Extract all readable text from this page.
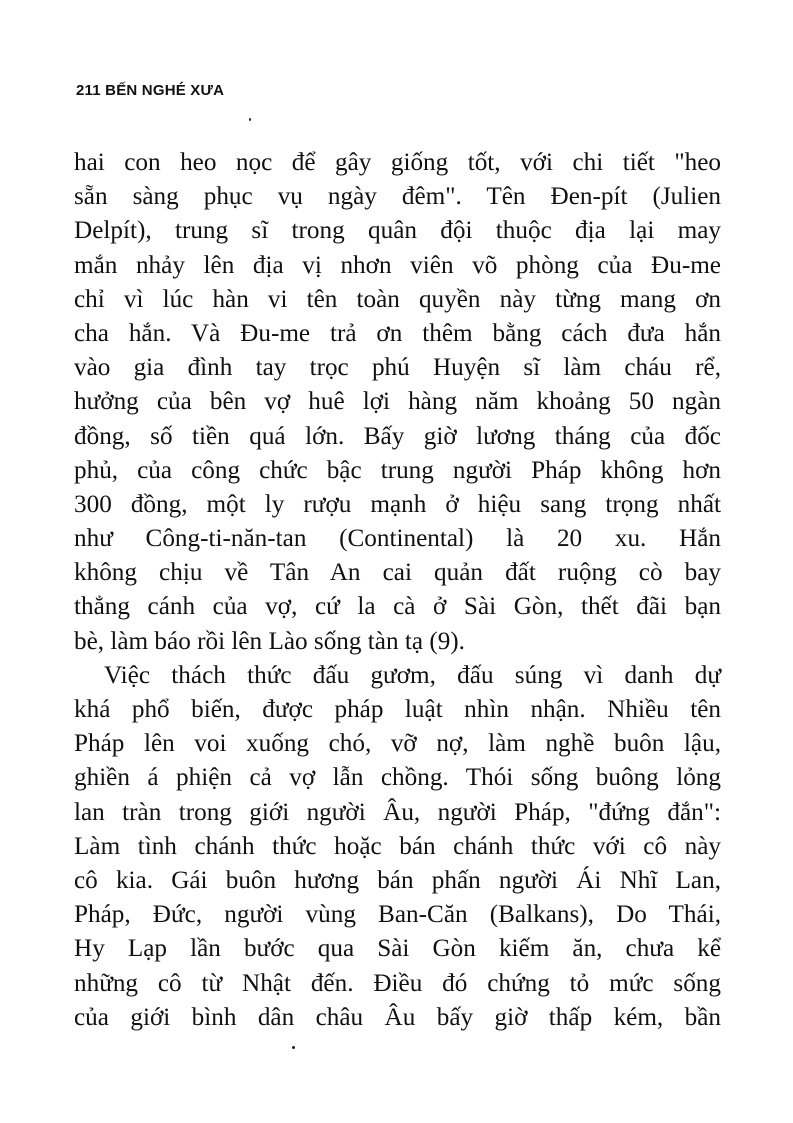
211 BẾN NGHÉ XƯA
hai con heo nọc để gây giống tốt, với chi tiết "heo
sẵn sàng phục vụ ngày đêm". Tên Đen-pít (Julien
Delpít), trung sĩ trong quân đội thuộc địa lại may
mắn nhảy lên địa vị nhơn viên võ phòng của Đu-me
chỉ vì lúc hàn vi tên toàn quyền này từng mang ơn
cha hắn. Và Đu-me trả ơn thêm bằng cách đưa hắn
vào gia đình tay trọc phú Huyện sĩ làm cháu rể,
hưởng của bên vợ huê lợi hàng năm khoảng 50 ngàn
đồng, số tiền quá lớn. Bấy giờ lương tháng của đốc
phủ, của công chức bậc trung người Pháp không hơn
300 đồng, một ly rượu mạnh ở hiệu sang trọng nhất
như Công-ti-năn-tan (Continental) là 20 xu. Hắn
không chịu về Tân An cai quản đất ruộng cò bay
thẳng cánh của vợ, cứ la cà ở Sài Gòn, thết đãi bạn
bè, làm báo rồi lên Lào sống tàn tạ (9).
Việc thách thức đấu gươm, đấu súng vì danh dự
khá phổ biến, được pháp luật nhìn nhận. Nhiều tên
Pháp lên voi xuống chó, vỡ nợ, làm nghề buôn lậu,
ghiền á phiện cả vợ lẫn chồng. Thói sống buông lỏng
lan tràn trong giới người Âu, người Pháp, "đứng đắn":
Làm tình chánh thức hoặc bán chánh thức với cô này
cô kia. Gái buôn hương bán phấn người Ái Nhĩ Lan,
Pháp, Đức, người vùng Ban-Căn (Balkans), Do Thái,
Hy Lạp lần bước qua Sài Gòn kiếm ăn, chưa kể
những cô từ Nhật đến. Điều đó chứng tỏ mức sống
của giới bình dân châu Âu bấy giờ thấp kém, bần
